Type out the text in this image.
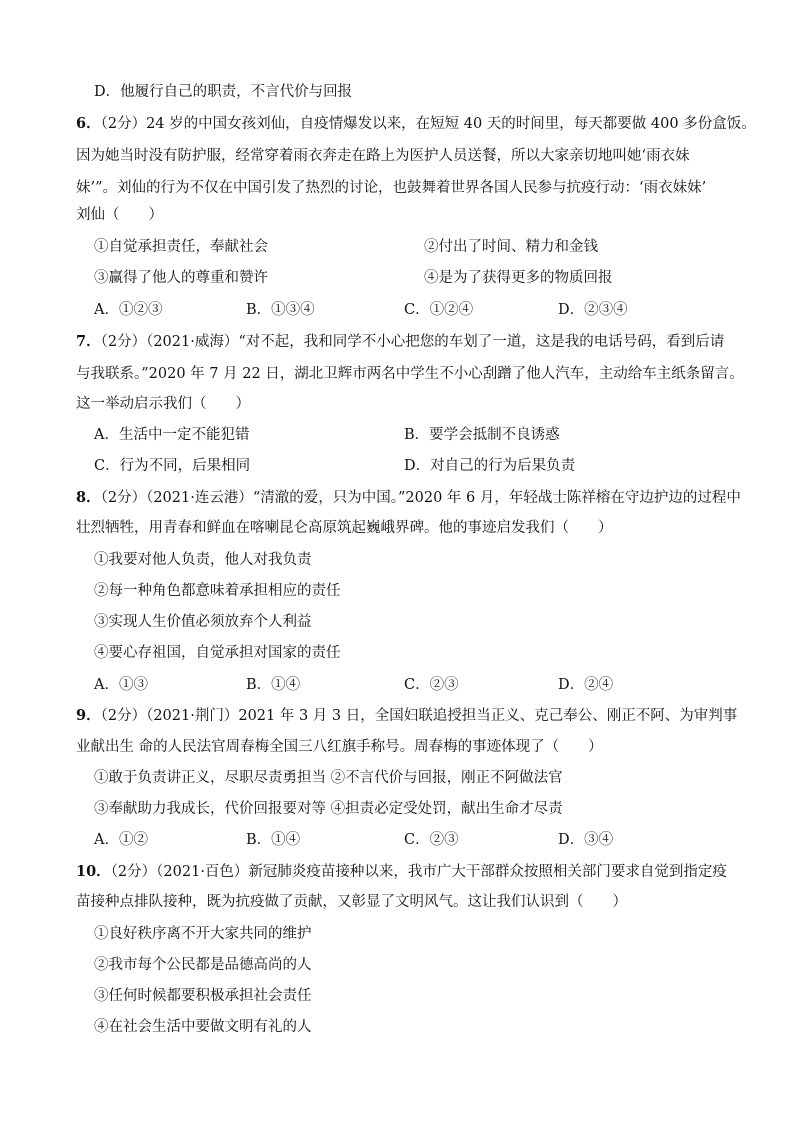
D．他履行自己的职责，不言代价与回报
6．（2分）24 岁的中国女孩刘仙，自疫情爆发以来，在短短 40 天的时间里，每天都要做 400 多份盒饭。
因为她当时没有防护服，经常穿着雨衣奔走在路上为医护人员送餐，所以大家亲切地叫她‘雨衣妹
妹’”。刘仙的行为不仅在中国引发了热烈的讨论，也鼓舞着世界各国人民参与抗疫行动：‘雨衣妹妹’
刘仙（　　）
①自觉承担责任，奉献社会	②付出了时间、精力和金钱
③赢得了他人的尊重和赞许	④是为了获得更多的物质回报
A．①②③	B．①③④	C．①②④	D．②③④
7．（2分）（2021·威海）“对不起，我和同学不小心把您的车划了一道，这是我的电话号码，看到后请
与我联系。”2020 年 7 月 22 日，湖北卫辉市两名中学生不小心刮蹭了他人汽车，主动给车主纸条留言。
这一举动启示我们（　　）
A．生活中一定不能犯错	B．要学会抵制不良诱惑
C．行为不同，后果相同	D．对自己的行为后果负责
8．（2分）（2021·连云港）“清澈的爱，只为中国。”2020 年 6 月，年轻战士陈祥榕在守边护边的过程中
壮烈牺牲，用青春和鲜血在喀喇昆仑高原筑起巍峨界碑。他的事迹启发我们（　　）
①我要对他人负责，他人对我负责
②每一种角色都意味着承担相应的责任
③实现人生价值必须放弃个人利益
④要心存祖国，自觉承担对国家的责任
A．①③	B．①④	C．②③	D．②④
9．（2分）（2021·荆门）2021 年 3 月 3 日，全国妇联追授担当正义、克己奉公、刚正不阿、为审判事
业献出生 命的人民法官周春梅全国三八红旗手称号。周春梅的事迹体现了（　　）
①敢于负责讲正义，尽职尽责勇担当 ②不言代价与回报，刚正不阿做法官
③奉献助力我成长，代价回报要对等 ④担责必定受处罚，献出生命才尽责
A．①②	B．①④	C．②③	D．③④
10．（2分）（2021·百色）新冠肺炎疫苗接种以来，我市广大干部群众按照相关部门要求自觉到指定疫
苗接种点排队接种，既为抗疫做了贡献，又彰显了文明风气。这让我们认识到（　　）
①良好秩序离不开大家共同的维护
②我市每个公民都是品德高尚的人
③任何时候都要积极承担社会责任
④在社会生活中要做文明有礼的人
